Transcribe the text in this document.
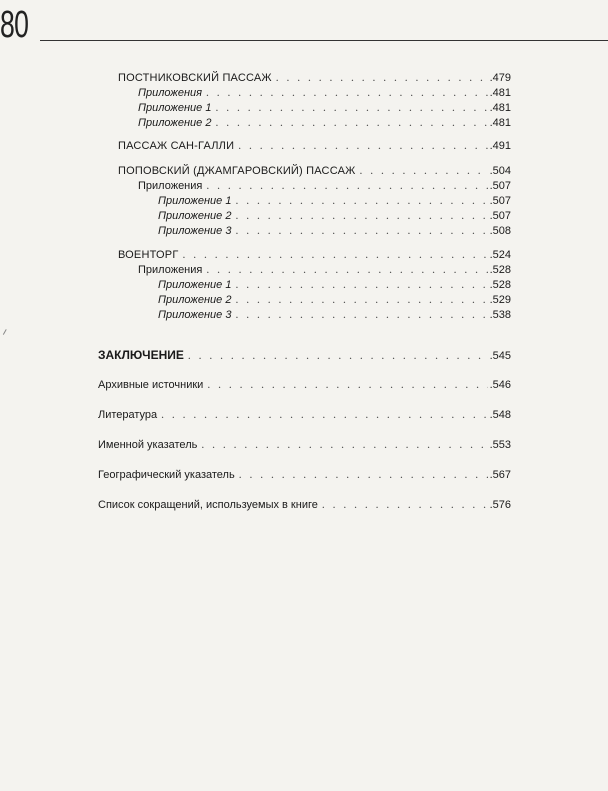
80
ПОСТНИКОВСКИЙ ПАССАЖ . . .	.479
Приложения . . .	.481
Приложение 1 . . .	.481
Приложение 2 . . .	.481
ПАССАЖ САН-ГАЛЛИ . . .	.491
ПОПОВСКИЙ (ДЖАМГАРОВСКИЙ) ПАССАЖ . . .	.504
Приложения . . .	.507
Приложение 1 . . .	.507
Приложение 2 . . .	.507
Приложение 3 . . .	.508
ВОЕНТОРГ . . .	.524
Приложения . . .	.528
Приложение 1 . . .	.528
Приложение 2 . . .	.529
Приложение 3 . . .	.538
ЗАКЛЮЧЕНИЕ . . .	.545
Архивные источники . . .	.546
Литература . . .	.548
Именной указатель . . .	.553
Географический указатель . . .	.567
Список сокращений, используемых в книге . . .	.576
